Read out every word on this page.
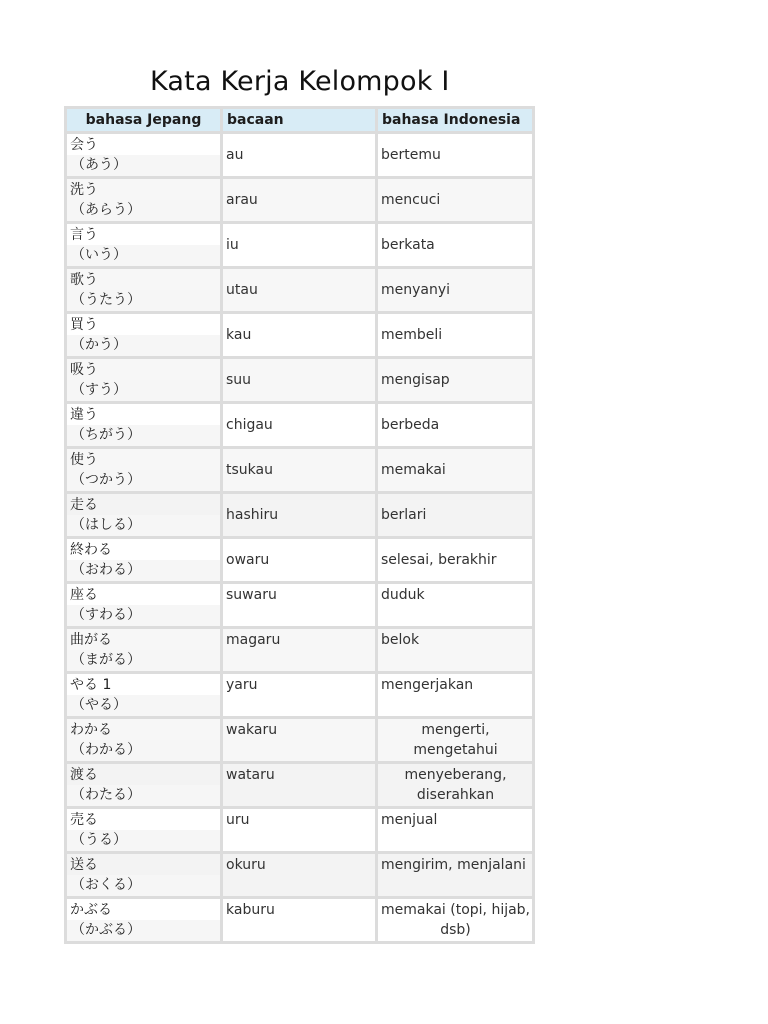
Kata Kerja Kelompok I
bahasa Jepang	bacaan	bahasa Indonesia

会う
（あう）	au	bertemu

洗う
（あらう）	arau	mencuci

言う
（いう）	iu	berkata

歌う
（うたう）	utau	menyanyi

買う
（かう）	kau	membeli

吸う
（すう）	suu	mengisap

違う
（ちがう）	chigau	berbeda

使う
（つかう）	tsukau	memakai

走る
（はしる）	hashiru	berlari

終わる
（おわる）	owaru	selesai, berakhir

座る
（すわる）	suwaru	duduk

曲がる
（まがる）	magaru	belok

やる 1
（やる）	yaru	mengerjakan

わかる
（わかる）	wakaru	mengerti, mengetahui

渡る
（わたる）	wataru	menyeberang, diserahkan

売る
（うる）	uru	menjual

送る
（おくる）	okuru	mengirim, menjalani

かぶる
（かぶる）	kaburu	memakai (topi, hijab, dsb)
